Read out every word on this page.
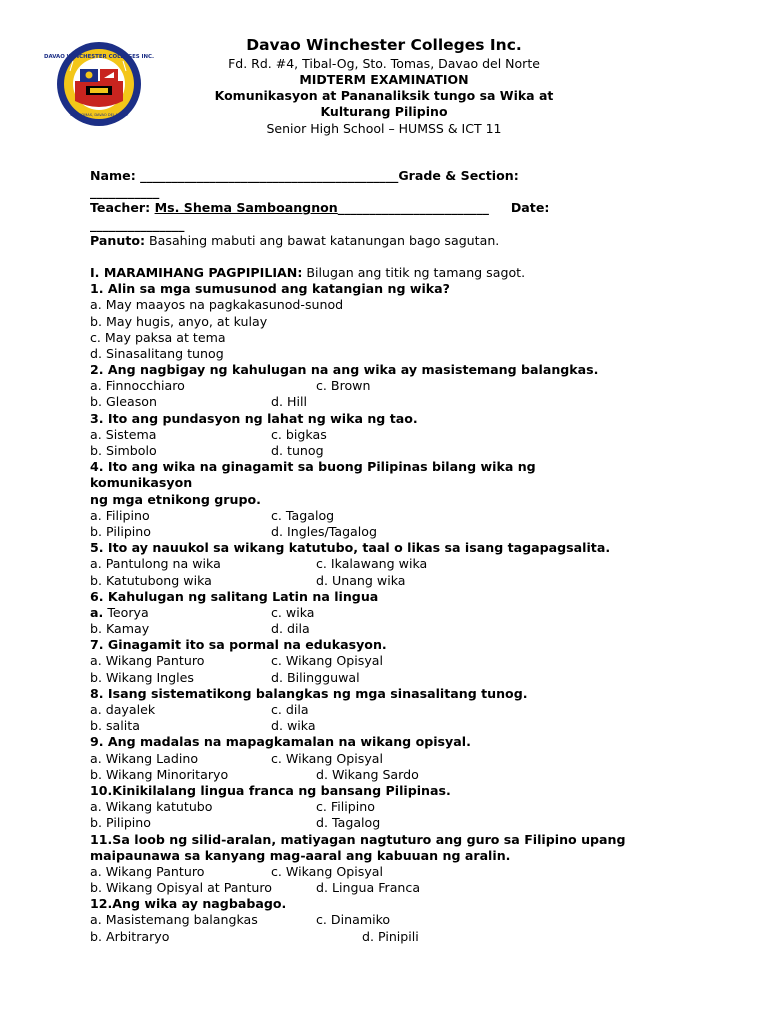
DAVAO WINCHESTER COLLEGES INC.
STO. TOMAS, DAVAO DEL NORTE
Davao Winchester Colleges Inc.
Fd. Rd. #4, Tibal-Og, Sto. Tomas, Davao del Norte
MIDTERM EXAMINATION
Komunikasyon at Pananaliksik tungo sa Wika at
Kulturang Pilipino
Senior High School – HUMSS & ICT 11
Name: _________________________________________Grade & Section:
___________
Teacher: Ms. Shema Samboangnon________________________ Date:
_______________
Panuto: Basahing mabuti ang bawat katanungan bago sagutan.
I. MARAMIHANG PAGPIPILIAN: Bilugan ang titik ng tamang sagot.
1. Alin sa mga sumusunod ang katangian ng wika?
a. May maayos na pagkakasunod-sunod
b. May hugis, anyo, at kulay
c. May paksa at tema
d. Sinasalitang tunog
2. Ang nagbigay ng kahulugan na ang wika ay masistemang balangkas.
a. Finnocchiaro	c. Brown
b. Gleason	d. Hill
3. Ito ang pundasyon ng lahat ng wika ng tao.
a. Sistema	c. bigkas
b. Simbolo	d. tunog
4. Ito ang wika na ginagamit sa buong Pilipinas bilang wika ng
komunikasyon
ng mga etnikong grupo.
a. Filipino	c. Tagalog
b. Pilipino	d. Ingles/Tagalog
5. Ito ay nauukol sa wikang katutubo, taal o likas sa isang tagapagsalita.
a. Pantulong na wika	c. Ikalawang wika
b. Katutubong wika	d. Unang wika
6. Kahulugan ng salitang Latin na lingua
a. Teorya	c. wika
b. Kamay	d. dila
7. Ginagamit ito sa pormal na edukasyon.
a. Wikang Panturo	c. Wikang Opisyal
b. Wikang Ingles	d. Bilingguwal
8. Isang sistematikong balangkas ng mga sinasalitang tunog.
a. dayalek	c. dila
b. salita	d. wika
9. Ang madalas na mapagkamalan na wikang opisyal.
a. Wikang Ladino	c. Wikang Opisyal
b. Wikang Minoritaryo	d. Wikang Sardo
10.Kinikilalang lingua franca ng bansang Pilipinas.
a. Wikang katutubo	c. Filipino
b. Pilipino	d. Tagalog
11.Sa loob ng silid-aralan, matiyagan nagtuturo ang guro sa Filipino upang
maipaunawa sa kanyang mag-aaral ang kabuuan ng aralin.
a. Wikang Panturo	c. Wikang Opisyal
b. Wikang Opisyal at Panturo	d. Lingua Franca
12.Ang wika ay nagbabago.
a. Masistemang balangkas	c. Dinamiko
b. Arbitraryo	d. Pinipili
